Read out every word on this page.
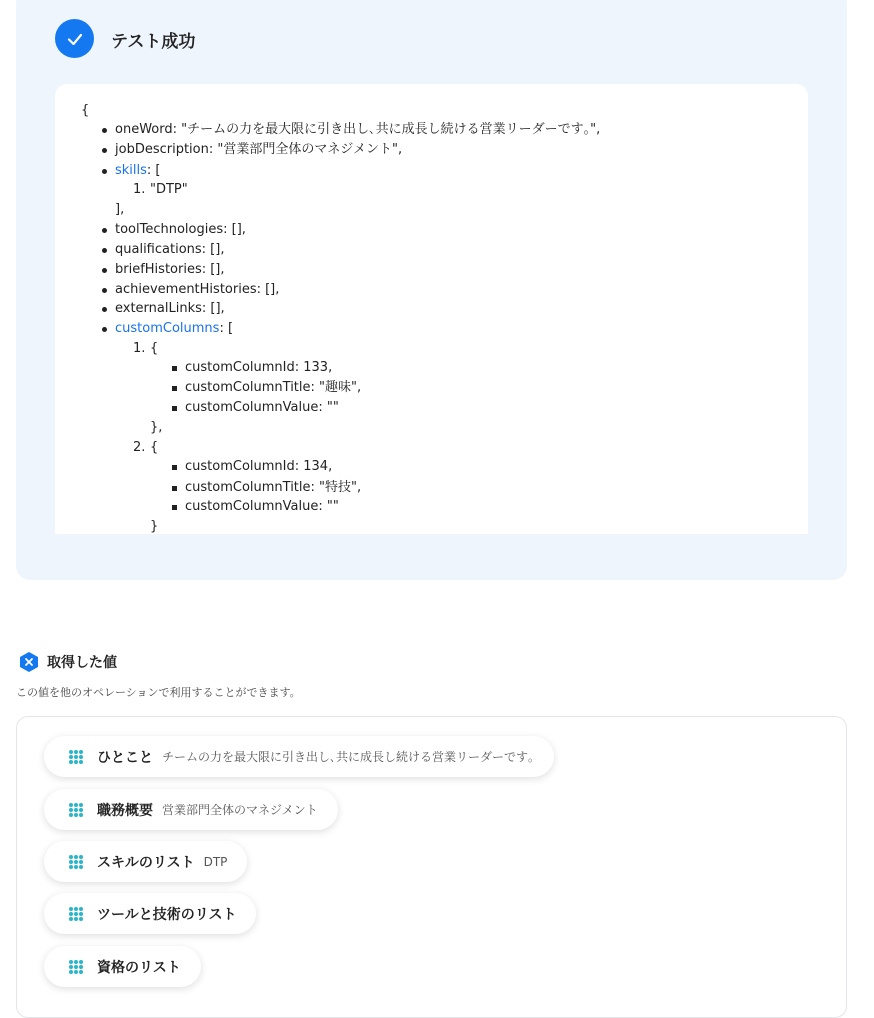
テスト成功
{
oneWord: "チームの力を最大限に引き出し､共に成長し続ける営業リーダーです｡",
jobDescription: "営業部門全体のマネジメント",
skills: [
1. "DTP"
],
toolTechnologies: [],
qualifications: [],
briefHistories: [],
achievementHistories: [],
externalLinks: [],
customColumns: [
1. {
customColumnId: 133,
customColumnTitle: "趣味",
customColumnValue: ""
},
2. {
customColumnId: 134,
customColumnTitle: "特技",
customColumnValue: ""
}
取得した値
この値を他のオペレーションで利用することができます。
ひとこと チームの力を最大限に引き出し､共に成長し続ける営業リーダーです｡
職務概要 営業部門全体のマネジメント
スキルのリスト DTP
ツールと技術のリスト
資格のリスト
